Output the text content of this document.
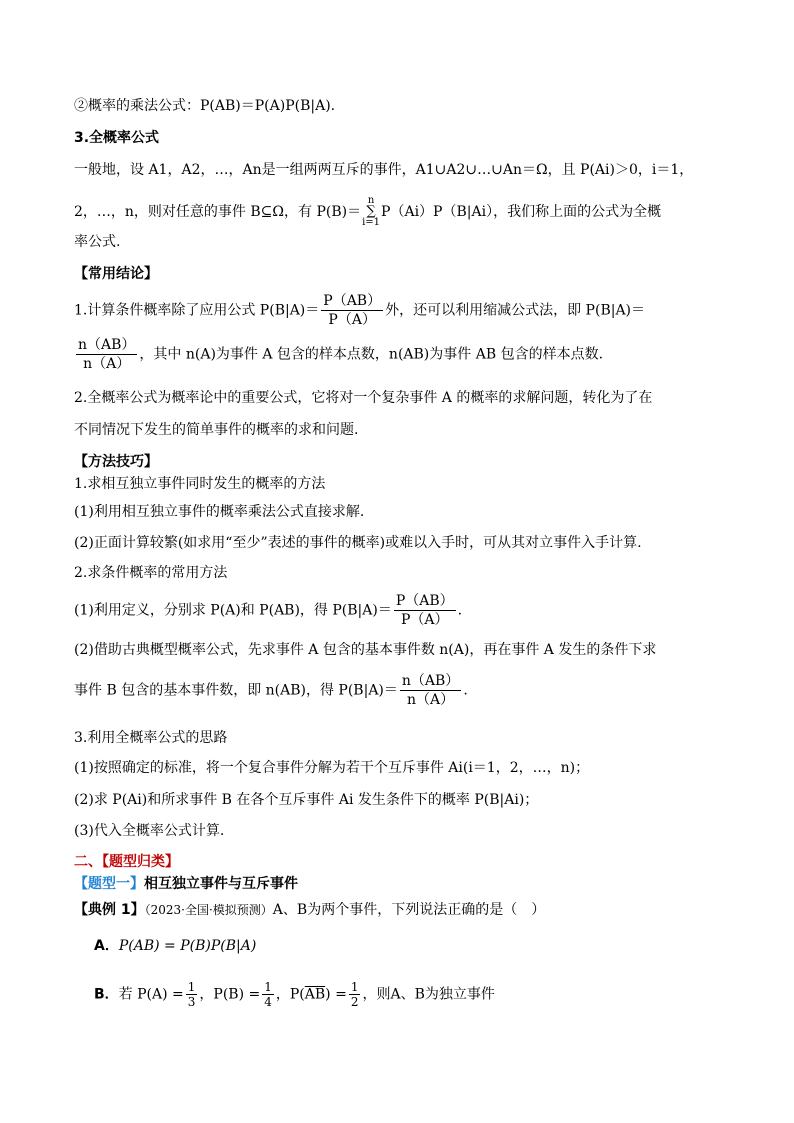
②概率的乘法公式：P(AB)＝P(A)P(B|A).
3.全概率公式
一般地，设 A1，A2，…，An是一组两两互斥的事件，A1∪A2∪…∪An＝Ω，且 P(Ai)＞0，i＝1，
2，…，n，则对任意的事件 B⊆Ω，有 P(B)＝n
∑
i=1P（Ai）P（B|Ai），我们称上面的公式为全概
率公式.
【常用结论】
1.计算条件概率除了应用公式 $P(B|A)= \frac{P(AB)}{P(A)}$ 外，还可以利用缩减公式法，即 P(B|A)＝
$\frac{n(AB)}{n(A)}$ ，其中 n(A)为事件 A 包含的样本点数，n(AB)为事件 AB 包含的样本点数.
2.全概率公式为概率论中的重要公式，它将对一个复杂事件 A 的概率的求解问题，转化为了在
不同情况下发生的简单事件的概率的求和问题.
【方法技巧】
1.求相互独立事件同时发生的概率的方法
(1)利用相互独立事件的概率乘法公式直接求解.
(2)正面计算较繁(如求用“至少”表述的事件的概率)或难以入手时，可从其对立事件入手计算.
2.求条件概率的常用方法
(1)利用定义，分别求 P(A)和 P(AB)，得 $P(B|A)= \frac{P(AB)}{P(A)}$ .
(2)借助古典概型概率公式，先求事件 A 包含的基本事件数 n(A)，再在事件 A 发生的条件下求
事件 B 包含的基本事件数，即 n(AB)，得 $P(B|A)= \frac{n(AB)}{n(A)}$ .
3.利用全概率公式的思路
(1)按照确定的标准，将一个复合事件分解为若干个互斥事件 Ai(i＝1，2，…，n)；
(2)求 P(Ai)和所求事件 B 在各个互斥事件 Ai 发生条件下的概率 P(B|Ai)；
(3)代入全概率公式计算.
二、【题型归类】
【题型一】相互独立事件与互斥事件
【典例 1】（2023·全国·模拟预测）A、B为两个事件，下列说法正确的是（　）
A．P(AB) = P(B)P(B|A)
B．若 $P(A) = \frac{1}{3}$ ，$P(B) = \frac{1}{4}$ ，$P(\overline{AB}) = \frac{1}{2}$ ，则A、B为独立事件
